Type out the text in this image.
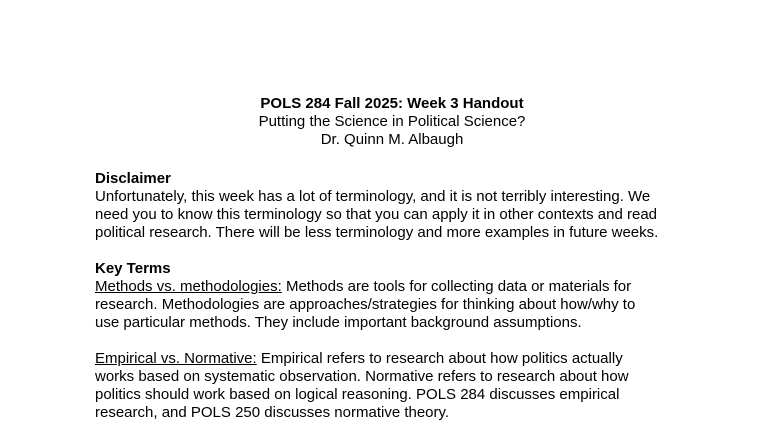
POLS 284 Fall 2025: Week 3 Handout
Putting the Science in Political Science?
Dr. Quinn M. Albaugh

Disclaimer

Unfortunately, this week has a lot of terminology, and it is not terribly interesting. We

need you to know this terminology so that you can apply it in other contexts and read

political research. There will be less terminology and more examples in future weeks.

Key Terms

Methods vs. methodologies: Methods are tools for collecting data or materials for

research. Methodologies are approaches/strategies for thinking about how/why to

use particular methods. They include important background assumptions.

Empirical vs. Normative: Empirical refers to research about how politics actually

works based on systematic observation. Normative refers to research about how

politics should work based on logical reasoning. POLS 284 discusses empirical

research, and POLS 250 discusses normative theory.
